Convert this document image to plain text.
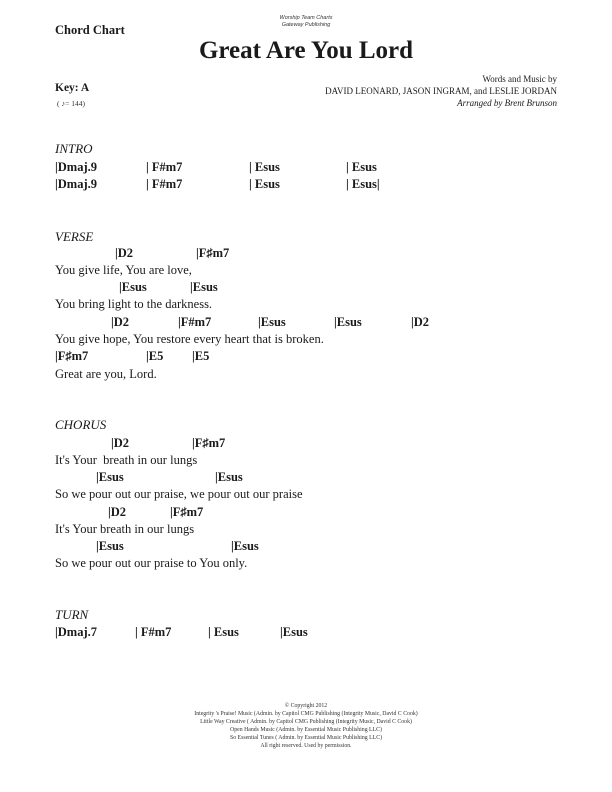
Chord Chart
Worship Team Charts
Gateway Publishing
Great Are You Lord
Key: A
( ♪= 144)
Words and Music by
DAVID LEONARD, JASON INGRAM, and LESLIE JORDAN
Arranged by Brent Brunson
INTRO

|Dmaj.9

	| F#m7

	| Esus

	| Esus

|Dmaj.9

	| F#m7

	| Esus

	| Esus|

VERSE

|D2

	|F♯m7

You give life, You are love,

|Esus

	|Esus

You bring light to the darkness.

|D2

	|F#m7

	|Esus

	|Esus

	|D2

You give hope, You restore every heart that is broken.

|F♯m7

	|E5

|E5

Great are you, Lord.
CHORUS

|D2

	|F♯m7

It's Your  breath in our lungs

|Esus

	|Esus

So we pour out our praise, we pour out our praise

|D2

	|F♯m7

It's Your breath in our lungs

|Esus

	|Esus

So we pour out our praise to You only.
TURN

|Dmaj.7

	| F#m7

	| Esus

	|Esus

© Copyright 2012
Integrity 's Praise! Music (Admin. by Capitol CMG Publishing (Integrity Music, David C Cook)
Little Way Creative ( Admin. by Capitol CMG Publishing (Integrity Music, David C Cook)
Open Hands Music (Admin. by Essential Music Publishing LLC)
So Essential Tunes ( Admin. by Essential Music Publishing LLC)
All right reserved. Used by permission.
